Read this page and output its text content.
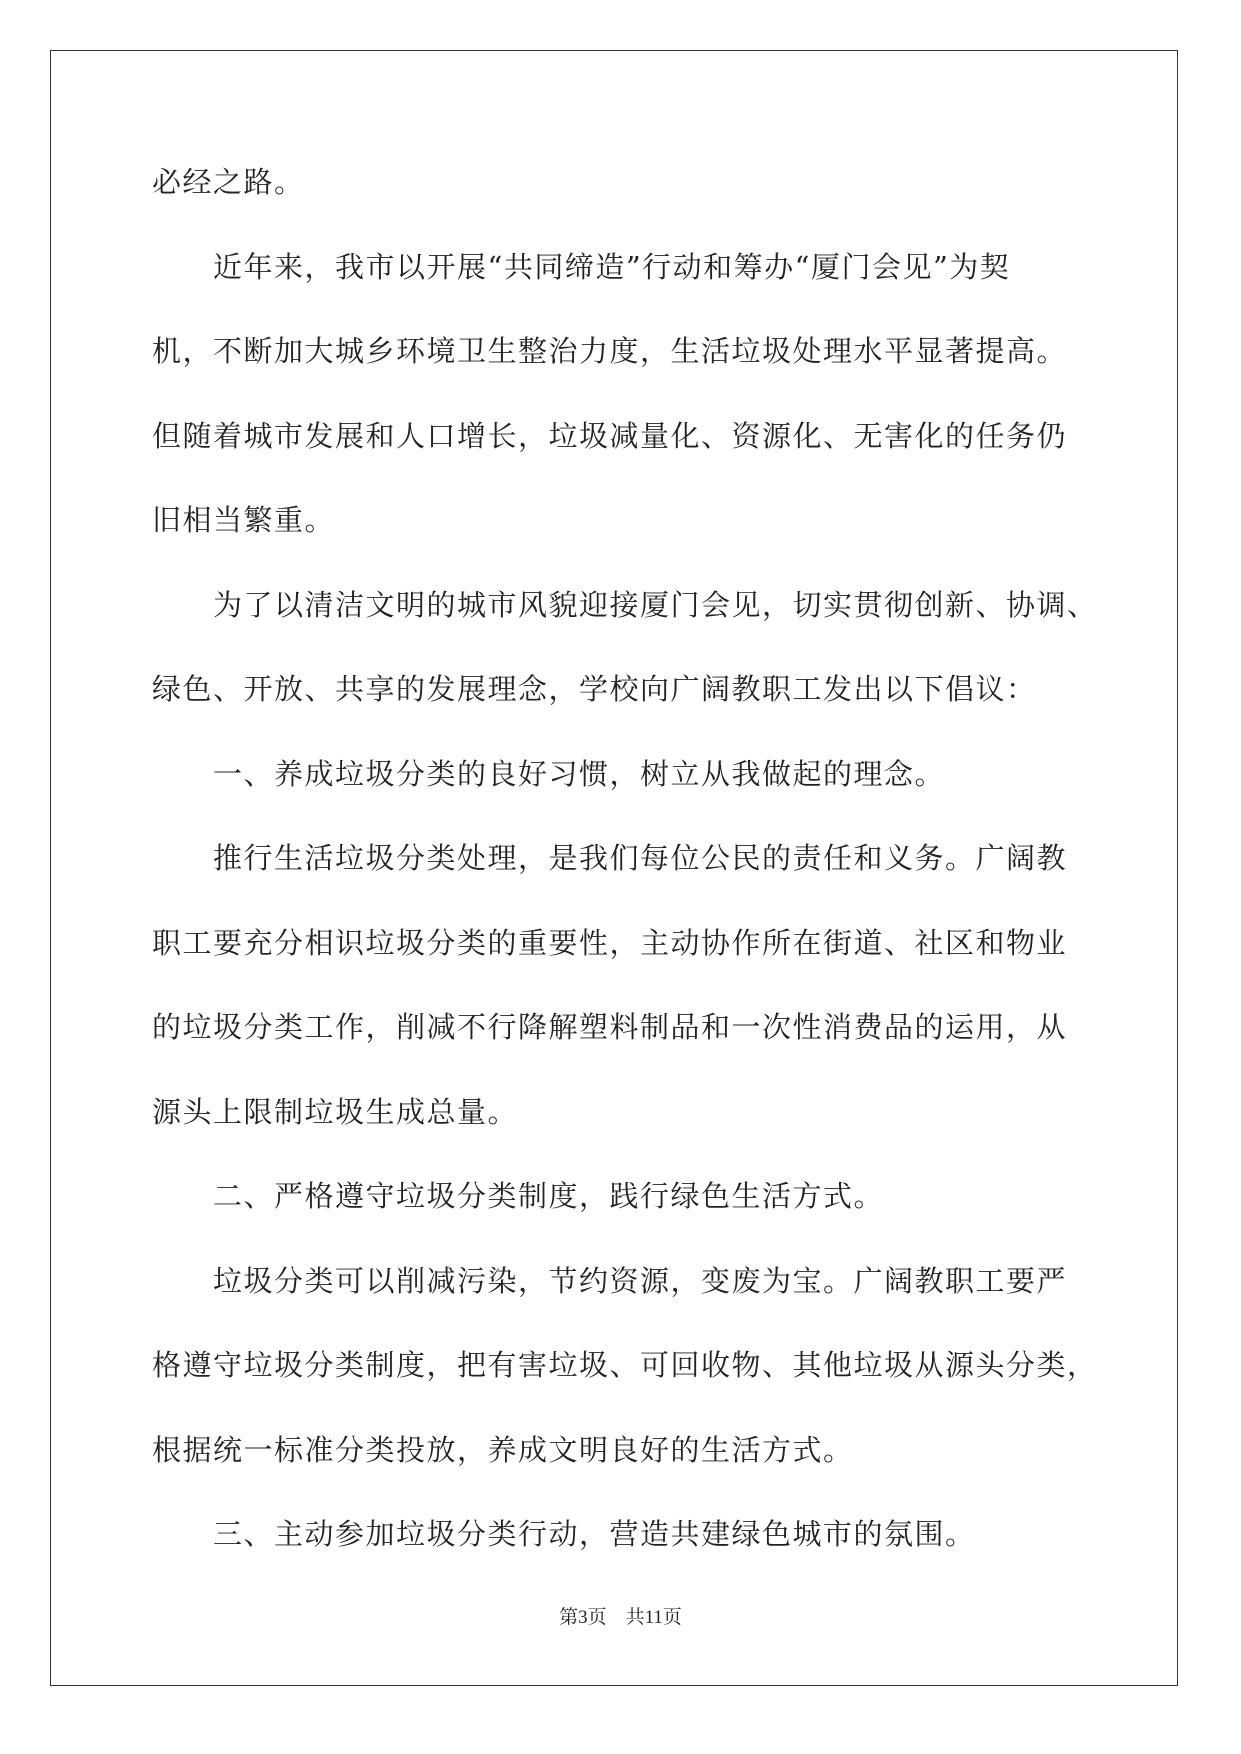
必经之路。
　　近年来，我市以开展“共同缔造”行动和筹办“厦门会见”为契
机，不断加大城乡环境卫生整治力度，生活垃圾处理水平显著提高。
但随着城市发展和人口增长，垃圾减量化、资源化、无害化的任务仍
旧相当繁重。
　　为了以清洁文明的城市风貌迎接厦门会见，切实贯彻创新、协调、
绿色、开放、共享的发展理念，学校向广阔教职工发出以下倡议：
　　一、养成垃圾分类的良好习惯，树立从我做起的理念。
　　推行生活垃圾分类处理，是我们每位公民的责任和义务。广阔教
职工要充分相识垃圾分类的重要性，主动协作所在街道、社区和物业
的垃圾分类工作，削减不行降解塑料制品和一次性消费品的运用，从
源头上限制垃圾生成总量。
　　二、严格遵守垃圾分类制度，践行绿色生活方式。
　　垃圾分类可以削减污染，节约资源，变废为宝。广阔教职工要严
格遵守垃圾分类制度，把有害垃圾、可回收物、其他垃圾从源头分类，
根据统一标准分类投放，养成文明良好的生活方式。
　　三、主动参加垃圾分类行动，营造共建绿色城市的氛围。
第3页　共11页
